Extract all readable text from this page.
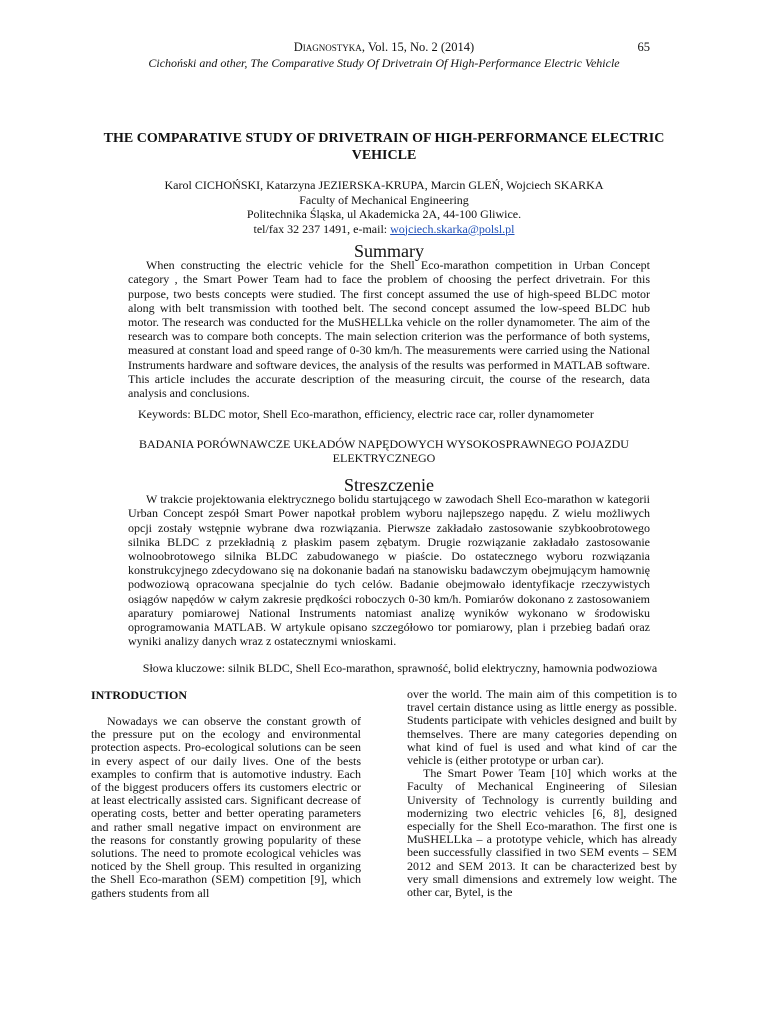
Diagnostyka, Vol. 15, No. 2 (2014)
Cichoński and other, The Comparative Study Of Drivetrain Of High-Performance Electric Vehicle
65
THE COMPARATIVE STUDY OF DRIVETRAIN OF HIGH-PERFORMANCE ELECTRIC VEHICLE
Karol CICHOŃSKI, Katarzyna JEZIERSKA-KRUPA, Marcin GLEŃ, Wojciech SKARKA
Faculty of Mechanical Engineering
Politechnika Śląska, ul Akademicka 2A, 44-100 Gliwice.
tel/fax 32 237 1491, e-mail: wojciech.skarka@polsl.pl
Summary

When constructing the electric vehicle for the Shell Eco-marathon competition in Urban Concept category , the Smart Power Team had to face the problem of choosing the perfect drivetrain. For this purpose, two bests concepts were studied. The first concept assumed the use of high-speed BLDC motor along with belt transmission with toothed belt. The second concept assumed the low-speed BLDC hub motor. The research was conducted for the MuSHELLka vehicle on the roller dynamometer. The aim of the research was to compare both concepts. The main selection criterion was the performance of both systems, measured at constant load and speed range of 0-30 km/h. The measurements were carried using the National Instruments hardware and software devices, the analysis of the results was performed in MATLAB software. This article includes the accurate description of the measuring circuit, the course of the research, data analysis and conclusions.

Keywords: BLDC motor, Shell Eco-marathon, efficiency, electric race car, roller dynamometer
BADANIA PORÓWNAWCZE UKŁADÓW NAPĘDOWYCH WYSOKOSPRAWNEGO POJAZDU ELEKTRYCZNEGO
Streszczenie

W trakcie projektowania elektrycznego bolidu startującego w zawodach Shell Eco-marathon w kategorii Urban Concept zespół Smart Power napotkał problem wyboru najlepszego napędu. Z wielu możliwych opcji zostały wstępnie wybrane dwa rozwiązania. Pierwsze zakładało zastosowanie szybkoobrotowego silnika BLDC z przekładnią z płaskim pasem zębatym. Drugie rozwiązanie zakładało zastosowanie wolnoobrotowego silnika BLDC zabudowanego w piaście. Do ostatecznego wyboru rozwiązania konstrukcyjnego zdecydowano się na dokonanie badań na stanowisku badawczym obejmującym hamownię podwoziową opracowana specjalnie do tych celów. Badanie obejmowało identyfikacje rzeczywistych osiągów napędów w całym zakresie prędkości roboczych 0-30 km/h. Pomiarów dokonano z zastosowaniem aparatury pomiarowej National Instruments natomiast analizę wyników wykonano w środowisku oprogramowania MATLAB. W artykule opisano szczegółowo tor pomiarowy, plan i przebieg badań oraz wyniki analizy danych wraz z ostatecznymi wnioskami.

Słowa kluczowe: silnik BLDC, Shell Eco-marathon, sprawność, bolid elektryczny, hamownia podwoziowa
INTRODUCTION

Nowadays we can observe the constant growth of the pressure put on the ecology and environmental protection aspects. Pro-ecological solutions can be seen in every aspect of our daily lives. One of the bests examples to confirm that is automotive industry. Each of the biggest producers offers its customers electric or at least electrically assisted cars. Significant decrease of operating costs, better and better operating parameters and rather small negative impact on environment are the reasons for constantly growing popularity of these solutions. The need to promote ecological vehicles was noticed by the Shell group. This resulted in organizing the Shell Eco-marathon (SEM) competition [9], which gathers students from all

over the world. The main aim of this competition is to travel certain distance using as little energy as possible. Students participate with vehicles designed and built by themselves. There are many categories depending on what kind of fuel is used and what kind of car the vehicle is (either prototype or urban car).

The Smart Power Team [10] which works at the Faculty of Mechanical Engineering of Silesian University of Technology is currently building and modernizing two electric vehicles [6, 8], designed especially for the Shell Eco-marathon. The first one is MuSHELLka – a prototype vehicle, which has already been successfully classified in two SEM events – SEM 2012 and SEM 2013. It can be characterized best by very small dimensions and extremely low weight. The other car, Bytel, is the
